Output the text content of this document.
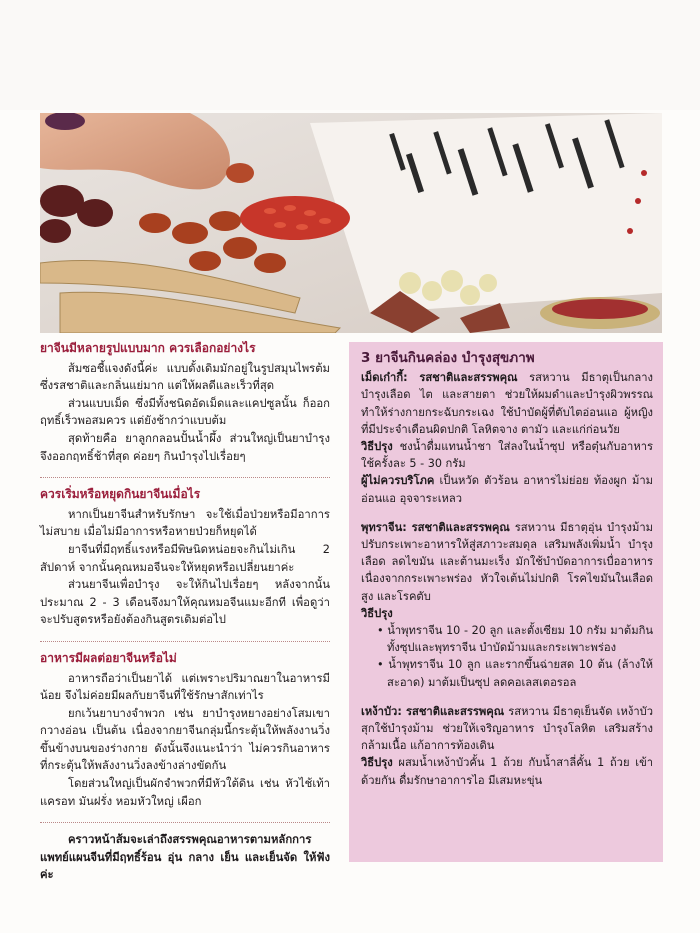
ยาจีนมีหลายรูปแบบมาก ควรเลือกอย่างไร

ส้มซอชี้แจงดังนี้ค่ะ แบบดั้งเดิมมักอยู่ในรูปสมุนไพรต้ม ซึ่งรสชาติและกลิ่นแย่มาก แต่ให้ผลดีและเร็วที่สุด

ส่วนแบบเม็ด ซึ่งมีทั้งชนิดอัดเม็ดและแคปซูลนั้น ก็ออกฤทธิ์เร็วพอสมควร แต่ยังช้ากว่าแบบต้ม

สุดท้ายคือ ยาลูกกลอนปั้นน้ำผึ้ง ส่วนใหญ่เป็นยาบำรุง จึงออกฤทธิ์ช้าที่สุด ค่อยๆ กินบำรุงไปเรื่อยๆ

ควรเริ่มหรือหยุดกินยาจีนเมื่อไร

หากเป็นยาจีนสำหรับรักษา จะใช้เมื่อป่วยหรือมีอาการไม่สบาย เมื่อไม่มีอาการหรือหายป่วยก็หยุดได้

ยาจีนที่มีฤทธิ์แรงหรือมีพิษนิดหน่อยจะกินไม่เกิน 2 สัปดาห์ จากนั้นคุณหมอจีนจะให้หยุดหรือเปลี่ยนยาค่ะ

ส่วนยาจีนเพื่อบำรุง จะให้กินไปเรื่อยๆ หลังจากนั้นประมาณ 2 - 3 เดือนจึงมาให้คุณหมอจีนแมะอีกที เพื่อดูว่าจะปรับสูตรหรือยังต้องกินสูตรเดิมต่อไป

อาหารมีผลต่อยาจีนหรือไม่

อาหารถือว่าเป็นยาได้ แต่เพราะปริมาณยาในอาหารมีน้อย จึงไม่ค่อยมีผลกับยาจีนที่ใช้รักษาสักเท่าไร

ยกเว้นยาบางจำพวก เช่น ยาบำรุงหยางอย่างโสมเขากวางอ่อน เป็นต้น เนื่องจากยาจีนกลุ่มนี้กระตุ้นให้พลังงานวิ่งขึ้นข้างบนของร่างกาย ดังนั้นจึงแนะนำว่า ไม่ควรกินอาหารที่กระตุ้นให้พลังงานวิ่งลงข้างล่างขัดกัน

โดยส่วนใหญ่เป็นผักจำพวกที่มีหัวใต้ดิน เช่น หัวไช้เท้า แครอท มันฝรั่ง หอมหัวใหญ่ เผือก

คราวหน้าส้มจะเล่าถึงสรรพคุณอาหารตามหลักการแพทย์แผนจีนที่มีฤทธิ์ร้อน อุ่น กลาง เย็น และเย็นจัด ให้ฟังค่ะ

3 ยาจีนกินคล่อง บำรุงสุขภาพ
เม็ดเก๋ากี้: รสชาติและสรรพคุณ รสหวาน มีธาตุเป็นกลาง บำรุงเลือด ไต และสายตา ช่วยให้ผมดำและบำรุงผิวพรรณ ทำให้ร่างกายกระฉับกระเฉง ใช้บำบัดผู้ที่ตับไตอ่อนแอ ผู้หญิงที่มีประจำเดือนผิดปกติ โลหิตจาง ตามัว และแก่ก่อนวัย
วิธีปรุง ชงน้ำดื่มแทนน้ำชา ใส่ลงในน้ำซุป หรือตุ๋นกับอาหาร ใช้ครั้งละ 5 - 30 กรัม
ผู้ไม่ควรบริโภค เป็นหวัด ตัวร้อน อาหารไม่ย่อย ท้องผูก ม้ามอ่อนแอ อุจจาระเหลว
พุทราจีน: รสชาติและสรรพคุณ รสหวาน มีธาตุอุ่น บำรุงม้าม ปรับกระเพาะอาหารให้สู่สภาวะสมดุล เสริมพลังเพิ่มน้ำ บำรุงเลือด ลดไขมัน และต้านมะเร็ง มักใช้บำบัดอาการเบื่ออาหารเนื่องจากกระเพาะพร่อง หัวใจเต้นไม่ปกติ โรคไขมันในเลือดสูง และโรคตับ
วิธีปรุง
• น้ำพุทราจีน 10 - 20 ลูก และตั้งเซียม 10 กรัม มาต้มกินทั้งซุปและพุทราจีน บำบัดม้ามและกระเพาะพร่อง
• น้ำพุทราจีน 10 ลูก และรากขึ้นฉ่ายสด 10 ต้น (ล้างให้สะอาด) มาต้มเป็นซุป ลดคอเลสเตอรอล
เหง้าบัว: รสชาติและสรรพคุณ รสหวาน มีธาตุเย็นจัด เหง้าบัวสุกใช้บำรุงม้าม ช่วยให้เจริญอาหาร บำรุงโลหิต เสริมสร้างกล้ามเนื้อ แก้อาการท้องเดิน
วิธีปรุง ผสมน้ำเหง้าบัวคั้น 1 ถ้วย กับน้ำสาลี่คั้น 1 ถ้วย เข้าด้วยกัน ดื่มรักษาอาการไอ มีเสมหะขุ่น
